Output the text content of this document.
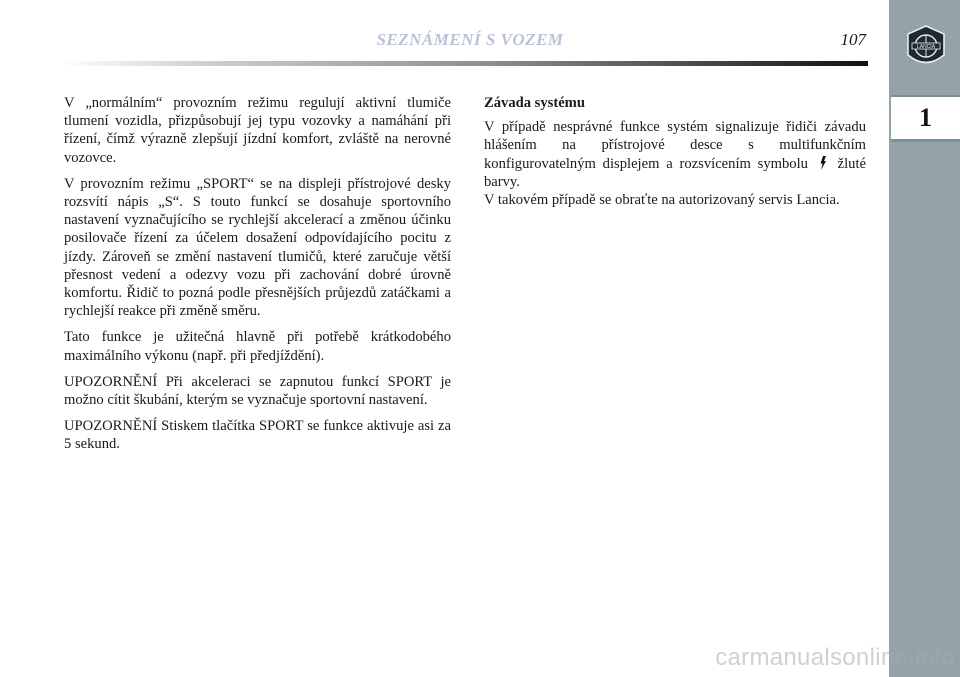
SEZNÁMENÍ S VOZEM	107	LANCIA
1

V „normálním“ provozním režimu regulují aktivní tlumiče tlumení vozidla, přizpůsobují jej typu vozovky a namáhání při řízení, čímž výrazně zlepšují jízdní komfort, zvláště na nerovné vozovce.

V provozním režimu „SPORT“ se na displeji přístrojové desky rozsvítí nápis „S“. S touto funkcí se dosahuje sportovního nastavení vyznačujícího se rychlejší akcelerací a změnou účinku posilovače řízení za účelem dosažení odpovídajícího pocitu z jízdy. Zároveň se změní nastavení tlumičů, které zaručuje větší přesnost vedení a odezvy vozu při zachování dobré úrovně komfortu. Řidič to pozná podle přesnějších průjezdů zatáčkami a rychlejší reakce při změně směru.

Tato funkce je užitečná hlavně při potřebě krátkodobého maximálního výkonu (např. při předjíždění).

UPOZORNĚNÍ Při akceleraci se zapnutou funkcí SPORT je možno cítit škubání, kterým se vyznačuje sportovní nastavení.

UPOZORNĚNÍ Stiskem tlačítka SPORT se funkce aktivuje asi za 5 sekund.

Závada systému

V případě nesprávné funkce systém signalizuje řidiči závadu hlášením na přístrojové desce s multifunkčním konfigurovatelným displejem a rozsvícením symbolu žluté barvy.

V takovém případě se obraťte na autorizovaný servis Lancia.

carmanualsonline.info
